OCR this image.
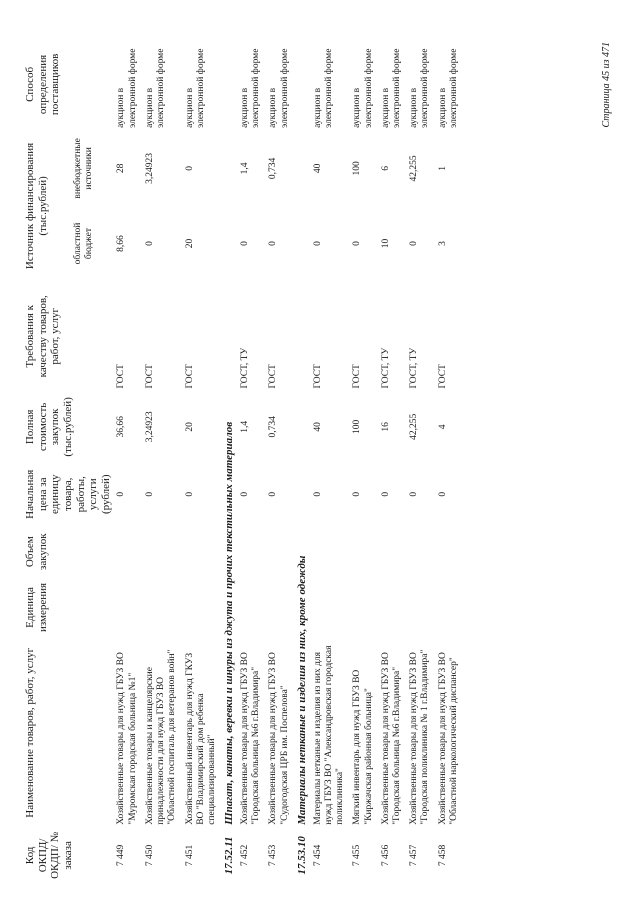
Код ОКПД/ ОКДП/ № заказа	Наименование товаров, работ, услуг	Единица измерения	Объем закупок	Начальная цена за единицу товара, работы, услуги (рублей)	Полная стоимость закупок (тыс.рублей)	Требования к качеству товаров, работ, услуг	Источник финансирования (тыс.рублей)		Способ определения поставщиков
							областной бюджет	внебюджетные источники	
7 449	Хозяйственные товары для нужд ГБУЗ ВО "Муромская городская больница №1"			0	36,66	ГОСТ	8,66	28	аукцион в электронной форме
7 450	Хозяйственные товары и канцелярские принадлежности для нужд ГБУЗ ВО "Областной госпиталь для ветеранов войн"			0	3,24923	ГОСТ	0	3,24923	аукцион в электронной форме
7 451	Хозяйственный инвентарь для нужд ГКУЗ ВО "Владимирский дом ребенка специализированный"			0	20	ГОСТ	20	0	аукцион в электронной форме
17.52.11	Шпагат, канаты, веревки и шнуры из джута и прочих текстильных материалов								
7 452	Хозяйственные товары для нужд ГБУЗ ВО "Городская больница №6 г.Владимира"			0	1,4	ГОСТ, ТУ	0	1,4	аукцион в электронной форме
7 453	Хозяйственные товары для нужд ГБУЗ ВО "Судогодская ЦРБ им. Поспелова"			0	0,734	ГОСТ	0	0,734	аукцион в электронной форме
17.53.10	Материалы нетканые и изделия из них, кроме одежды								
7 454	Материалы нетканые и изделия из них для нужд ГБУЗ ВО "Александровская городская поликлиника"			0	40	ГОСТ	0	40	аукцион в электронной форме
7 455	Мягкий инвентарь для нужд ГБУЗ ВО "Киржачская районная больница"			0	100	ГОСТ	0	100	аукцион в электронной форме
7 456	Хозяйственные товары для нужд ГБУЗ ВО "Городская больница №6 г.Владимира"			0	16	ГОСТ, ТУ	10	6	аукцион в электронной форме
7 457	Хозяйственные товары для нужд ГБУЗ ВО "Городская поликлиника № 1 г.Владимира"			0	42,255	ГОСТ, ТУ	0	42,255	аукцион в электронной форме
7 458	Хозяйственные товары для нужд ГБУЗ ВО "Областной наркологический диспансер"			0	4	ГОСТ	3	1	аукцион в электронной форме	Страница 45 из 471
